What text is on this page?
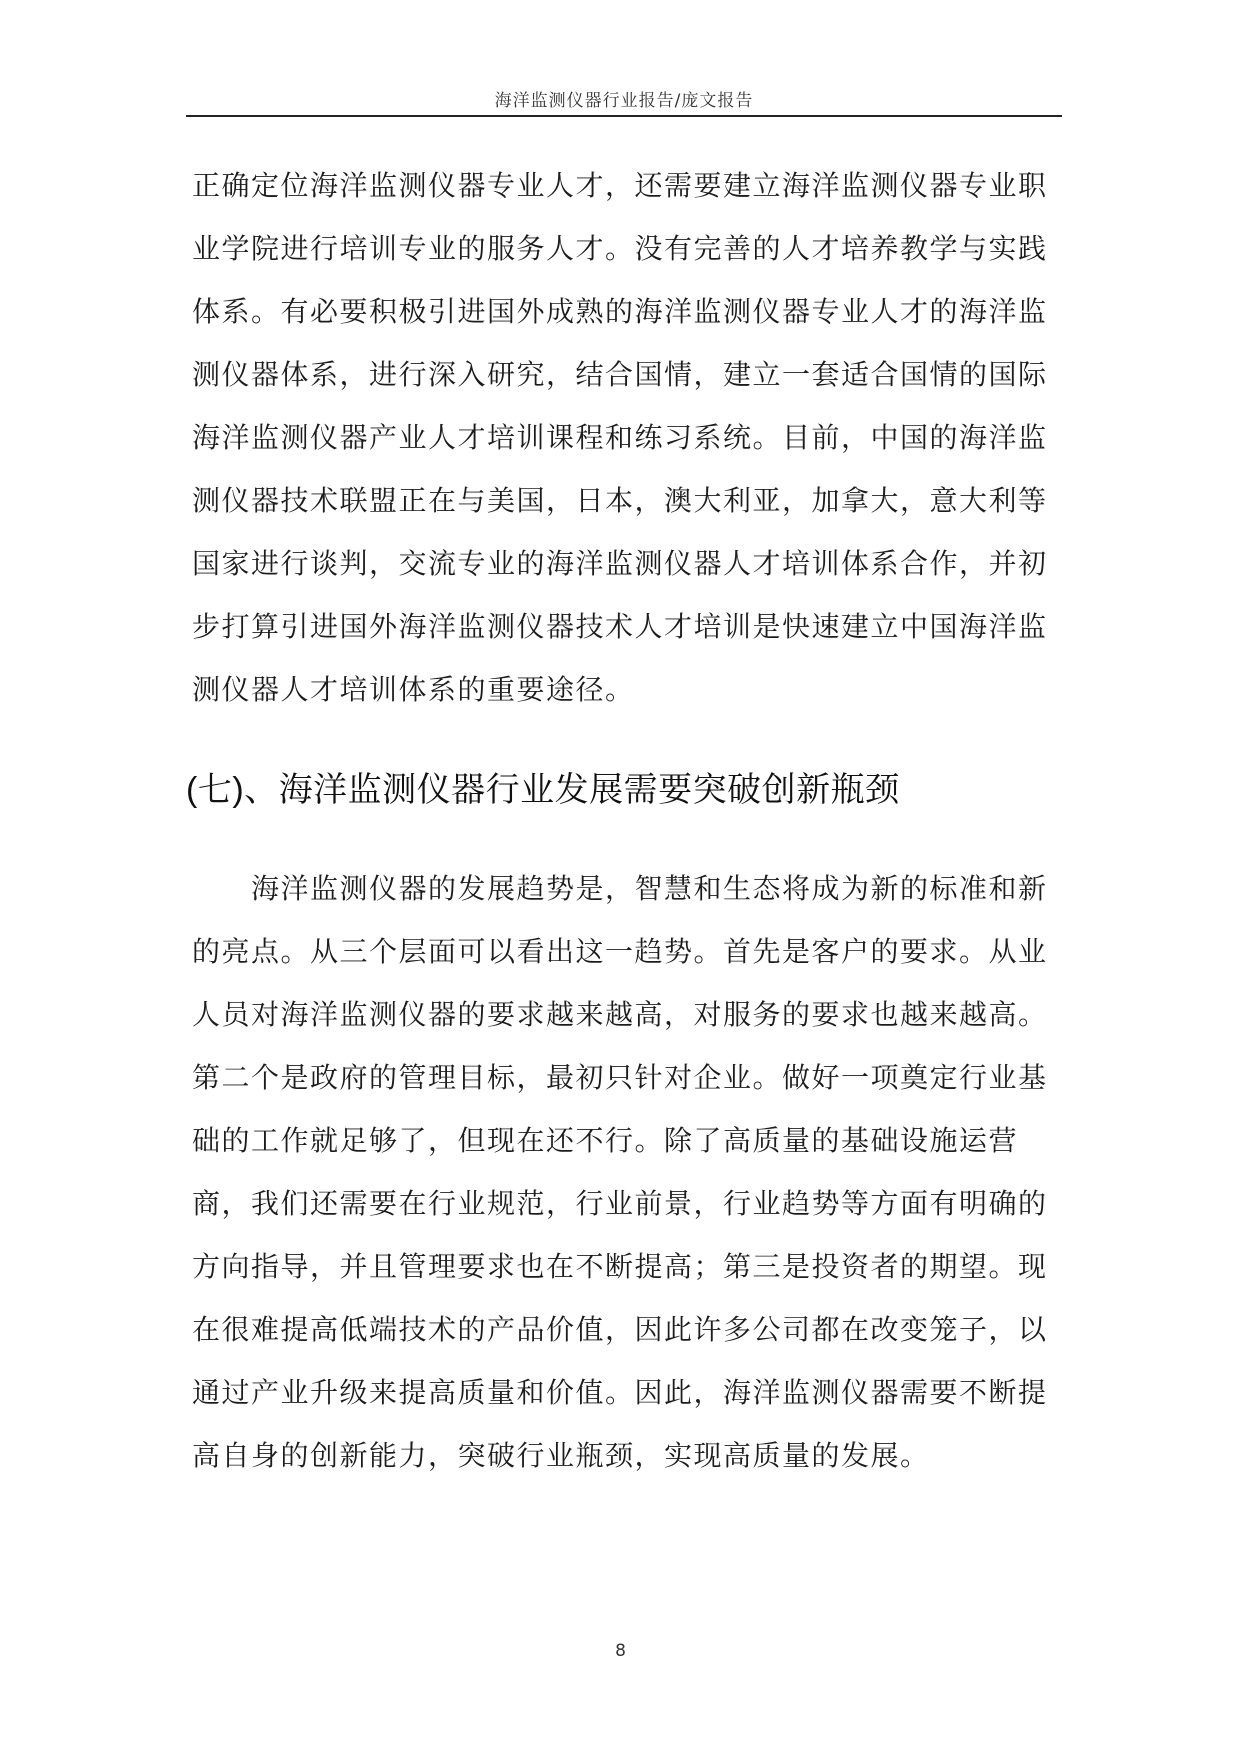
海洋监测仪器行业报告/庞文报告
正确定位海洋监测仪器专业人才，还需要建立海洋监测仪器专业职业学院进行培训专业的服务人才。没有完善的人才培养教学与实践体系。有必要积极引进国外成熟的海洋监测仪器专业人才的海洋监测仪器体系，进行深入研究，结合国情，建立一套适合国情的国际海洋监测仪器产业人才培训课程和练习系统。目前，中国的海洋监测仪器技术联盟正在与美国，日本，澳大利亚，加拿大，意大利等国家进行谈判，交流专业的海洋监测仪器人才培训体系合作，并初步打算引进国外海洋监测仪器技术人才培训是快速建立中国海洋监测仪器人才培训体系的重要途径。
(七)、海洋监测仪器行业发展需要突破创新瓶颈
海洋监测仪器的发展趋势是，智慧和生态将成为新的标准和新的亮点。从三个层面可以看出这一趋势。首先是客户的要求。从业人员对海洋监测仪器的要求越来越高，对服务的要求也越来越高。第二个是政府的管理目标，最初只针对企业。做好一项奠定行业基础的工作就足够了，但现在还不行。除了高质量的基础设施运营商，我们还需要在行业规范，行业前景，行业趋势等方面有明确的方向指导，并且管理要求也在不断提高；第三是投资者的期望。现在很难提高低端技术的产品价值，因此许多公司都在改变笼子，以通过产业升级来提高质量和价值。因此，海洋监测仪器需要不断提高自身的创新能力，突破行业瓶颈，实现高质量的发展。
8
